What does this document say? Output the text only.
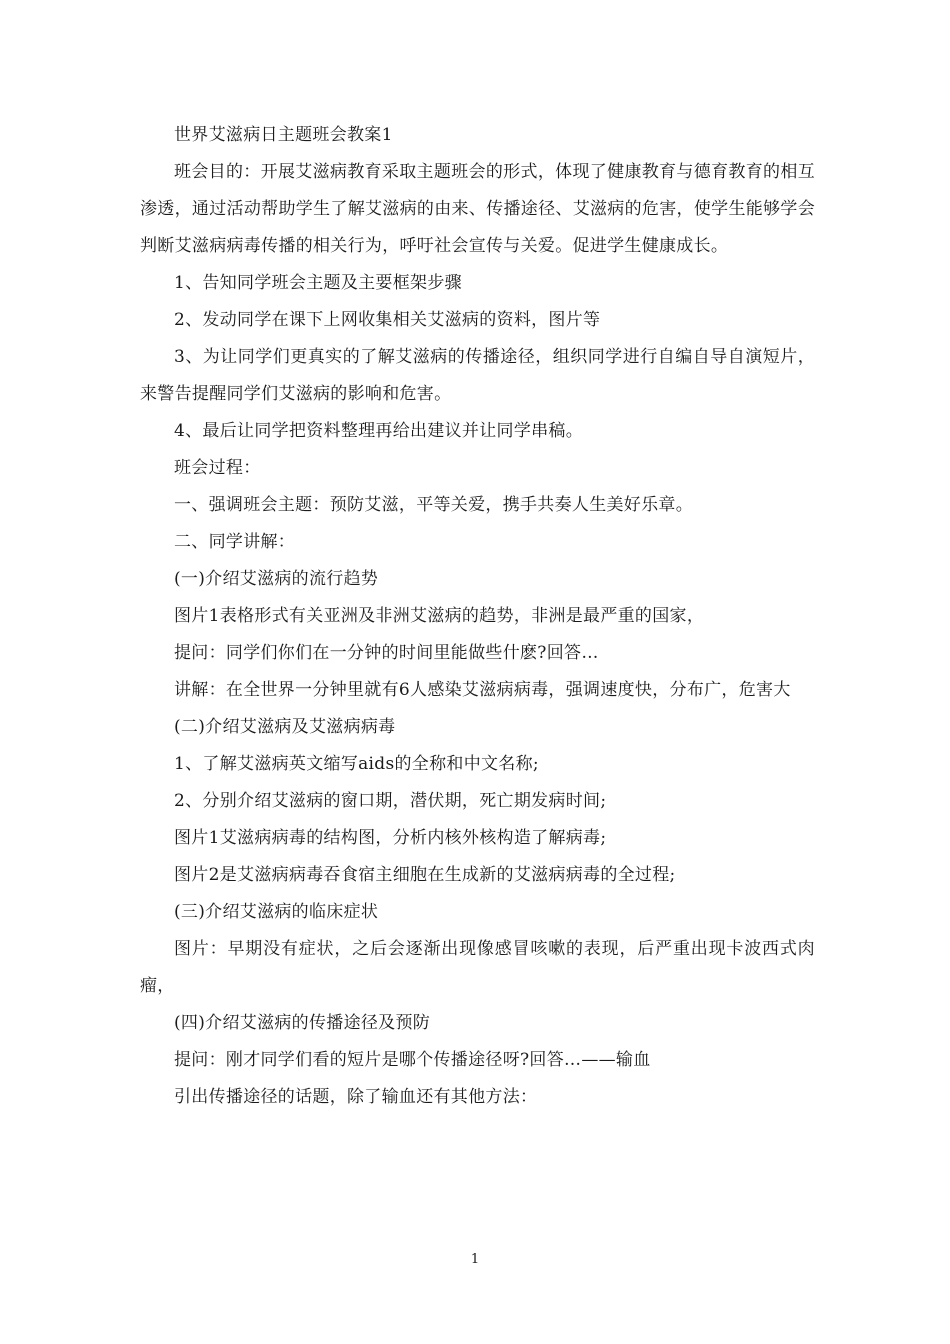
世界艾滋病日主题班会教案1

班会目的：开展艾滋病教育采取主题班会的形式，体现了健康教育与德育教育的相互渗透，通过活动帮助学生了解艾滋病的由来、传播途径、艾滋病的危害，使学生能够学会判断艾滋病病毒传播的相关行为，呼吁社会宣传与关爱。促进学生健康成长。

1、告知同学班会主题及主要框架步骤

2、发动同学在课下上网收集相关艾滋病的资料，图片等

3、为让同学们更真实的了解艾滋病的传播途径，组织同学进行自编自导自演短片，来警告提醒同学们艾滋病的影响和危害。

4、最后让同学把资料整理再给出建议并让同学串稿。

班会过程：

一、强调班会主题：预防艾滋，平等关爱，携手共奏人生美好乐章。

二、同学讲解：

(一)介绍艾滋病的流行趋势

图片1表格形式有关亚洲及非洲艾滋病的趋势，非洲是最严重的国家，

提问：同学们你们在一分钟的时间里能做些什麽?回答…

讲解：在全世界一分钟里就有6人感染艾滋病病毒，强调速度快，分布广，危害大

(二)介绍艾滋病及艾滋病病毒

1、了解艾滋病英文缩写aids的全称和中文名称;

2、分别介绍艾滋病的窗口期，潜伏期，死亡期发病时间;

图片1艾滋病病毒的结构图，分析内核外核构造了解病毒;

图片2是艾滋病病毒吞食宿主细胞在生成新的艾滋病病毒的全过程;

(三)介绍艾滋病的临床症状

图片：早期没有症状，之后会逐渐出现像感冒咳嗽的表现，后严重出现卡波西式肉瘤，

(四)介绍艾滋病的传播途径及预防

提问：刚才同学们看的短片是哪个传播途径呀?回答…——输血

引出传播途径的话题，除了输血还有其他方法：

1
